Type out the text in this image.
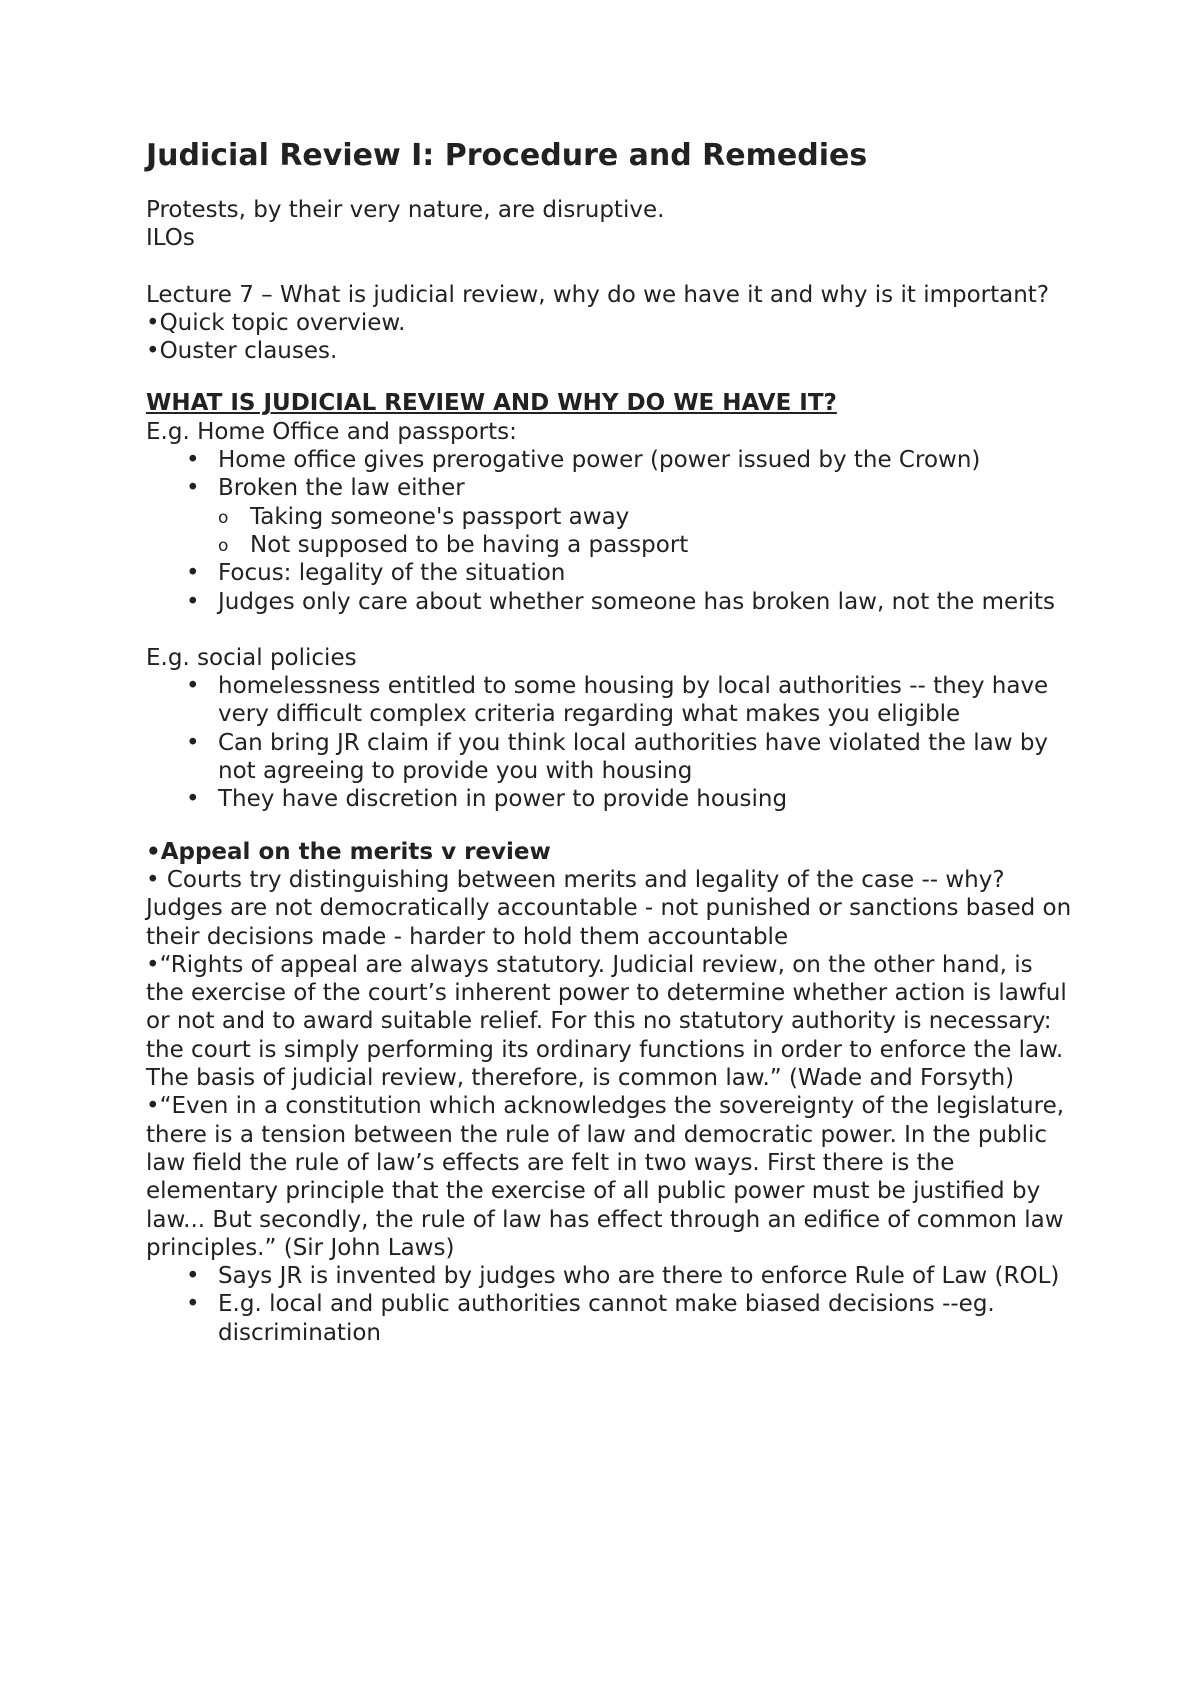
Judicial Review I: Procedure and Remedies

Protests, by their very nature, are disruptive.

ILOs

Lecture 7 – What is judicial review, why do we have it and why is it important?

•Quick topic overview.

•Ouster clauses.

WHAT IS JUDICIAL REVIEW AND WHY DO WE HAVE IT?

E.g. Home Office and passports:

• Home office gives prerogative power (power issued by the Crown)
• Broken the law either
o Taking someone's passport away
o Not supposed to be having a passport
• Focus: legality of the situation
• Judges only care about whether someone has broken law, not the merits

E.g. social policies

• homelessness entitled to some housing by local authorities -- they have very difficult complex criteria regarding what makes you eligible
• Can bring JR claim if you think local authorities have violated the law by not agreeing to provide you with housing
• They have discretion in power to provide housing

•Appeal on the merits v review

• Courts try distinguishing between merits and legality of the case -- why? Judges are not democratically accountable - not punished or sanctions based on their decisions made - harder to hold them accountable

•“Rights of appeal are always statutory. Judicial review, on the other hand, is the exercise of the court’s inherent power to determine whether action is lawful or not and to award suitable relief. For this no statutory authority is necessary: the court is simply performing its ordinary functions in order to enforce the law. The basis of judicial review, therefore, is common law.” (Wade and Forsyth)

•“Even in a constitution which acknowledges the sovereignty of the legislature, there is a tension between the rule of law and democratic power. In the public law field the rule of law’s effects are felt in two ways. First there is the elementary principle that the exercise of all public power must be justified by law... But secondly, the rule of law has effect through an edifice of common law principles.” (Sir John Laws)

• Says JR is invented by judges who are there to enforce Rule of Law (ROL)
• E.g. local and public authorities cannot make biased decisions --eg. discrimination
